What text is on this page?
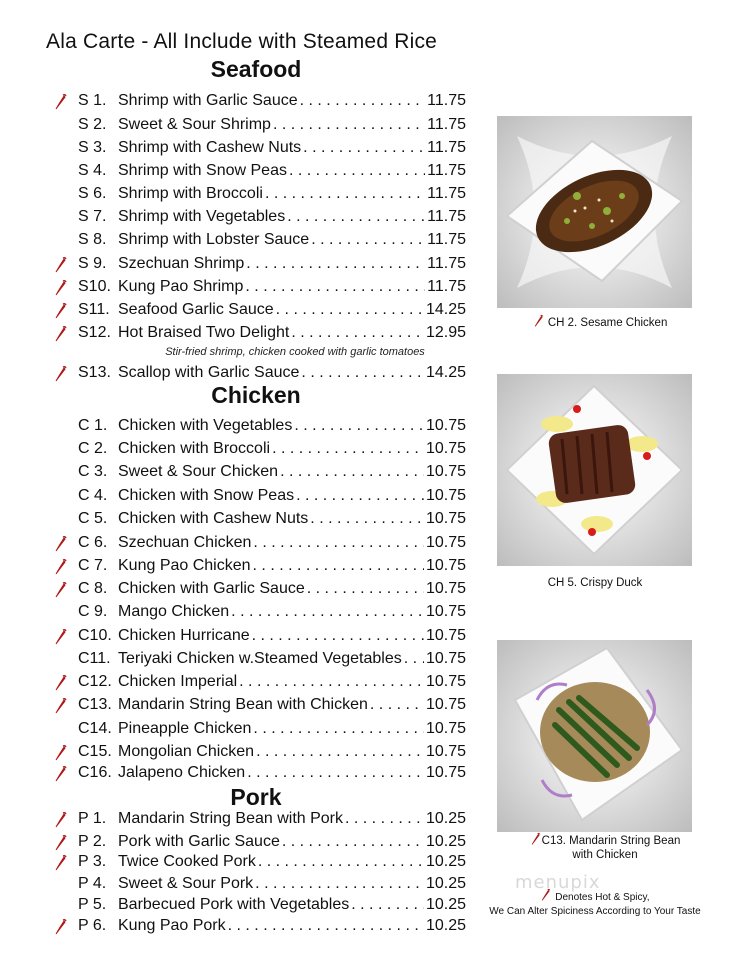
Ala Carte - All Include with Steamed Rice
Seafood
Chicken
Pork
Stir-fried shrimp, chicken cooked with garlic tomatoes
S 1. Shrimp with Garlic Sauce . . .	11.75
S 2. Sweet & Sour Shrimp . . .	11.75
S 3. Shrimp with Cashew Nuts . . .	11.75
S 4. Shrimp with Snow Peas . . .	11.75
S 6. Shrimp with Broccoli . . .	11.75
S 7. Shrimp with Vegetables . . .	11.75
S 8. Shrimp with Lobster Sauce . . .	11.75
S 9. Szechuan Shrimp . . .	11.75
S10. Kung Pao Shrimp . . .	11.75
S11. Seafood Garlic Sauce . . .	14.25
S12. Hot Braised Two Delight . . .	12.95
S13. Scallop with Garlic Sauce . . .	14.25
C 1. Chicken with Vegetables . . .	10.75
C 2. Chicken with Broccoli . . .	10.75
C 3. Sweet & Sour Chicken . . .	10.75
C 4. Chicken with Snow Peas . . .	10.75
C 5. Chicken with Cashew Nuts . . .	10.75
C 6. Szechuan Chicken . . .	10.75
C 7. Kung Pao Chicken . . .	10.75
C 8. Chicken with Garlic Sauce . . .	10.75
C 9. Mango Chicken . . .	10.75
C10. Chicken Hurricane . . .	10.75
C11. Teriyaki Chicken w.Steamed Vegetables . . . 10.75
C12. Chicken Imperial . . .	10.75
C13. Mandarin String Bean with Chicken . . .	10.75
C14. Pineapple Chicken . . .	10.75
C15. Mongolian Chicken . . .	10.75
C16. Jalapeno Chicken . . .	10.75
P 1. Mandarin String Bean with Pork . . .	10.25
P 2. Pork with Garlic Sauce . . .	10.25
P 3. Twice Cooked Pork . . .	10.25
P 4. Sweet & Sour Pork . . .	10.25
P 5. Barbecued Pork with Vegetables . . .	10.25
P 6. Kung Pao Pork . . .	10.25
CH 2. Sesame Chicken
CH 5. Crispy Duck
C13. Mandarin String Bean
with Chicken
menupix
Denotes Hot & Spicy,
We Can Alter Spiciness According to Your Taste
